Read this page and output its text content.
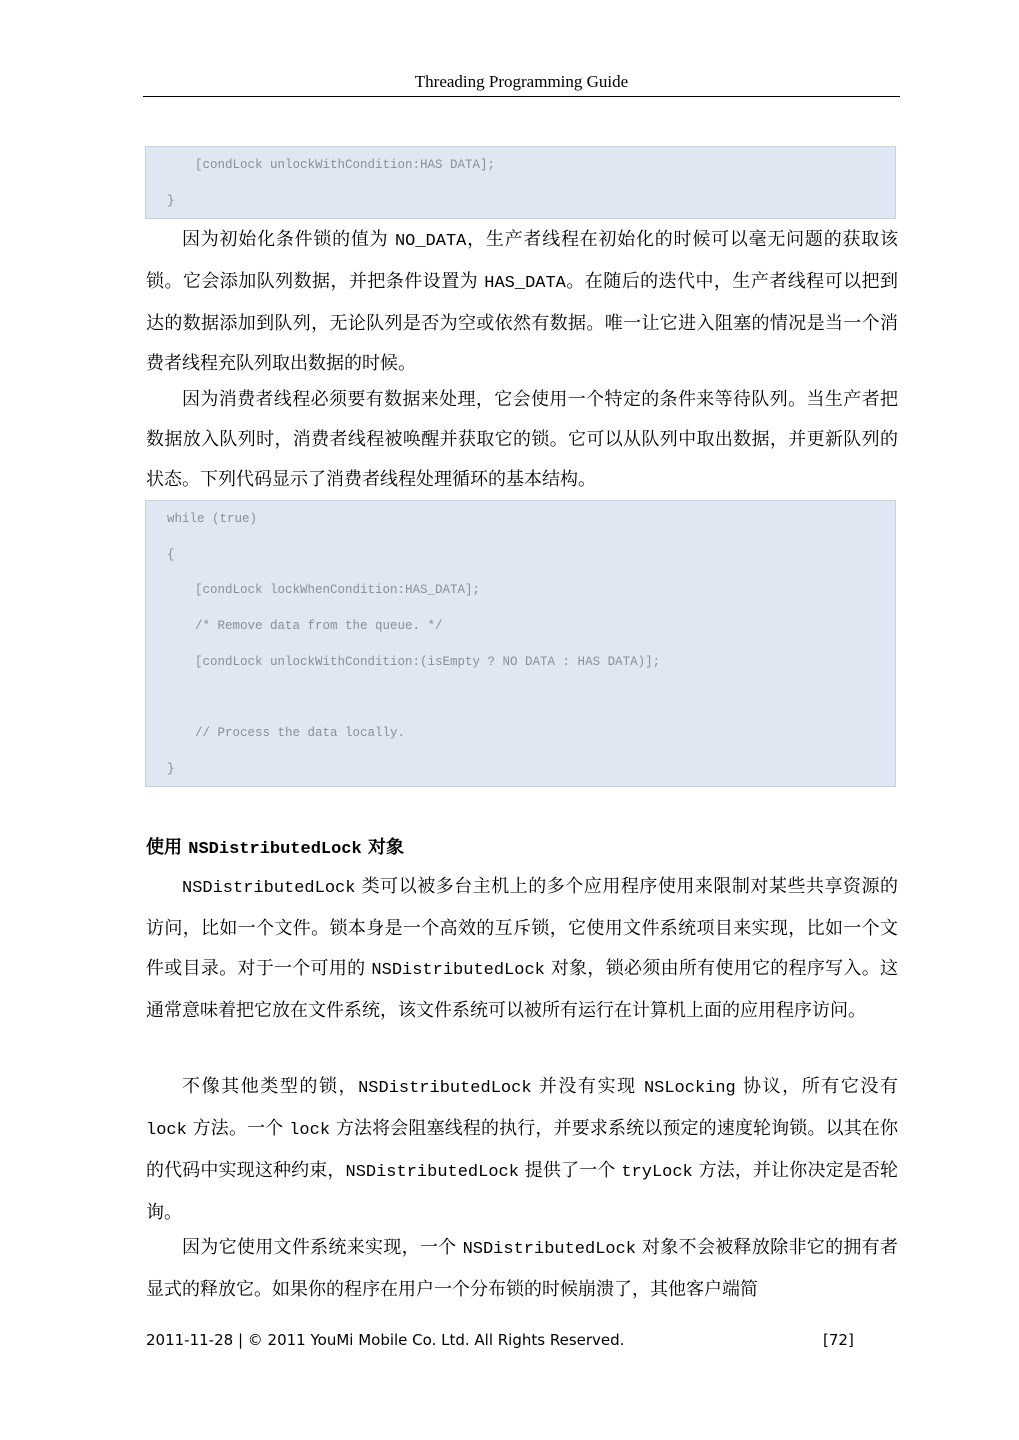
Threading Programming Guide
[condLock unlockWithCondition:HAS DATA];
}

因为初始化条件锁的值为 NO_DATA，生产者线程在初始化的时候可以毫无问题的获取该锁。它会添加队列数据，并把条件设置为 HAS_DATA。在随后的迭代中，生产者线程可以把到达的数据添加到队列，无论队列是否为空或依然有数据。唯一让它进入阻塞的情况是当一个消费者线程充队列取出数据的时候。

因为消费者线程必须要有数据来处理，它会使用一个特定的条件来等待队列。当生产者把数据放入队列时，消费者线程被唤醒并获取它的锁。它可以从队列中取出数据，并更新队列的状态。下列代码显示了消费者线程处理循环的基本结构。

while (true)
{
[condLock lockWhenCondition:HAS_DATA];
/* Remove data from the queue. */
[condLock unlockWithCondition:(isEmpty ? NO DATA : HAS DATA)];
// Process the data locally.
}
使用 NSDistributedLock 对象

NSDistributedLock 类可以被多台主机上的多个应用程序使用来限制对某些共享资源的访问，比如一个文件。锁本身是一个高效的互斥锁，它使用文件系统项目来实现，比如一个文件或目录。对于一个可用的 NSDistributedLock 对象，锁必须由所有使用它的程序写入。这通常意味着把它放在文件系统，该文件系统可以被所有运行在计算机上面的应用程序访问。

不像其他类型的锁，NSDistributedLock 并没有实现 NSLocking 协议，所有它没有 lock 方法。一个 lock 方法将会阻塞线程的执行，并要求系统以预定的速度轮询锁。以其在你的代码中实现这种约束，NSDistributedLock 提供了一个 tryLock 方法，并让你决定是否轮询。

因为它使用文件系统来实现，一个 NSDistributedLock 对象不会被释放除非它的拥有者显式的释放它。如果你的程序在用户一个分布锁的时候崩溃了，其他客户端简

2011-11-28 | © 2011 YouMi Mobile Co. Ltd. All Rights Reserved.	[72]
